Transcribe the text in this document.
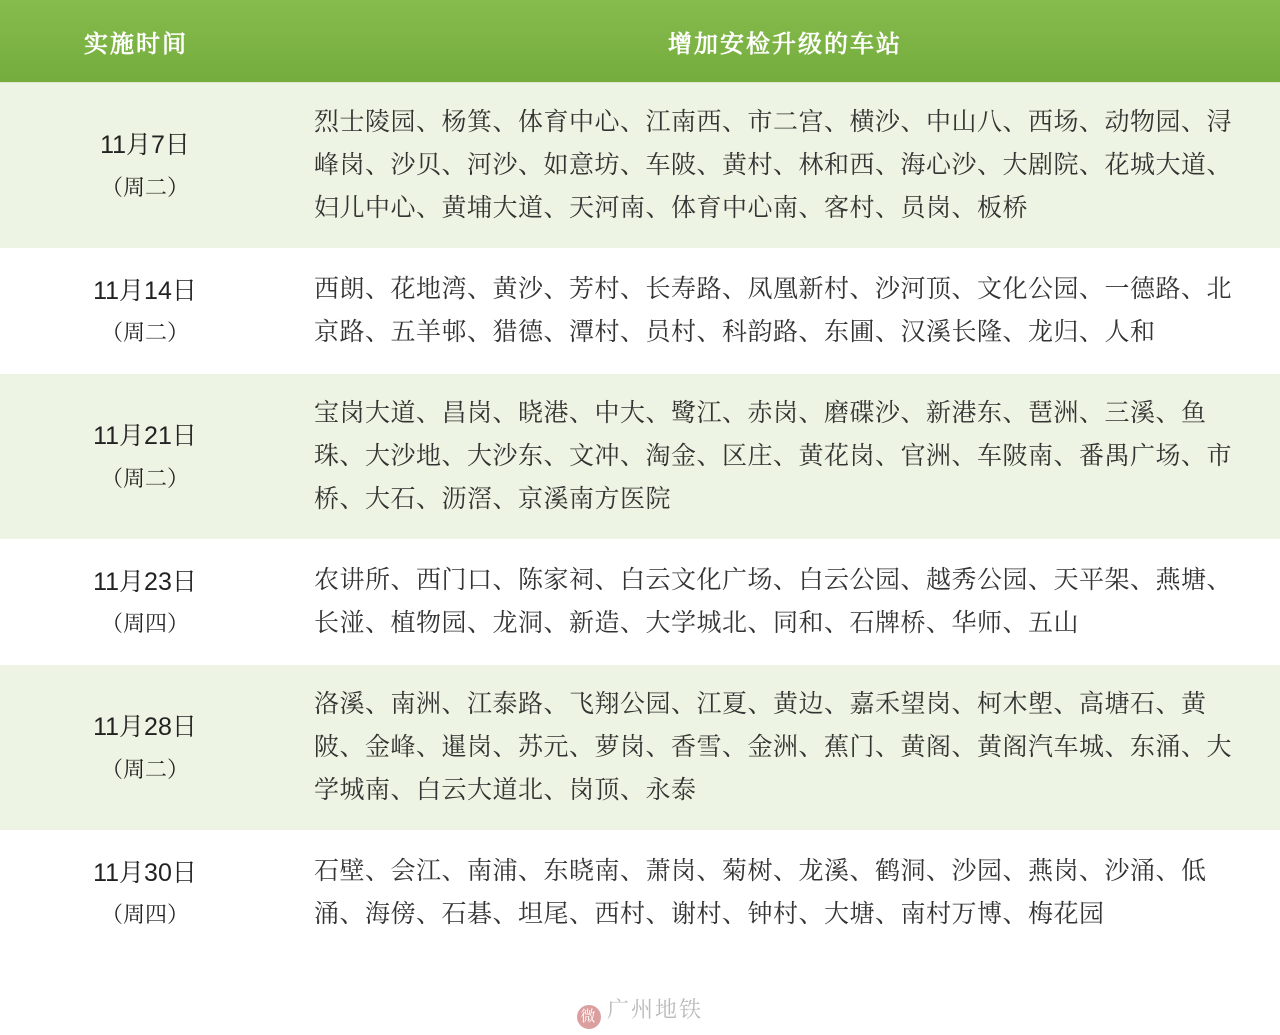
实施时间	增加安检升级的车站
11月7日
（周二）	烈士陵园、杨箕、体育中心、江南西、市二宫、横沙、中山八、西场、动物园、浔峰岗、沙贝、河沙、如意坊、车陂、黄村、林和西、海心沙、大剧院、花城大道、妇儿中心、黄埔大道、天河南、体育中心南、客村、员岗、板桥
11月14日
（周二）	西朗、花地湾、黄沙、芳村、长寿路、凤凰新村、沙河顶、文化公园、一德路、北京路、五羊邨、猎德、潭村、员村、科韵路、东圃、汉溪长隆、龙归、人和
11月21日
（周二）	宝岗大道、昌岗、晓港、中大、鹭江、赤岗、磨碟沙、新港东、琶洲、三溪、鱼珠、大沙地、大沙东、文冲、淘金、区庄、黄花岗、官洲、车陂南、番禺广场、市桥、大石、沥滘、京溪南方医院
11月23日
（周四）	农讲所、西门口、陈家祠、白云文化广场、白云公园、越秀公园、天平架、燕塘、长湴、植物园、龙洞、新造、大学城北、同和、石牌桥、华师、五山
11月28日
（周二）	洛溪、南洲、江泰路、飞翔公园、江夏、黄边、嘉禾望岗、柯木塱、高塘石、黄陂、金峰、暹岗、苏元、萝岗、香雪、金洲、蕉门、黄阁、黄阁汽车城、东涌、大学城南、白云大道北、岗顶、永泰
11月30日
（周四）	石壁、会江、南浦、东晓南、萧岗、菊树、龙溪、鹤洞、沙园、燕岗、沙涌、低涌、海傍、石碁、坦尾、西村、谢村、钟村、大塘、南村万博、梅花园
微 广州地铁
